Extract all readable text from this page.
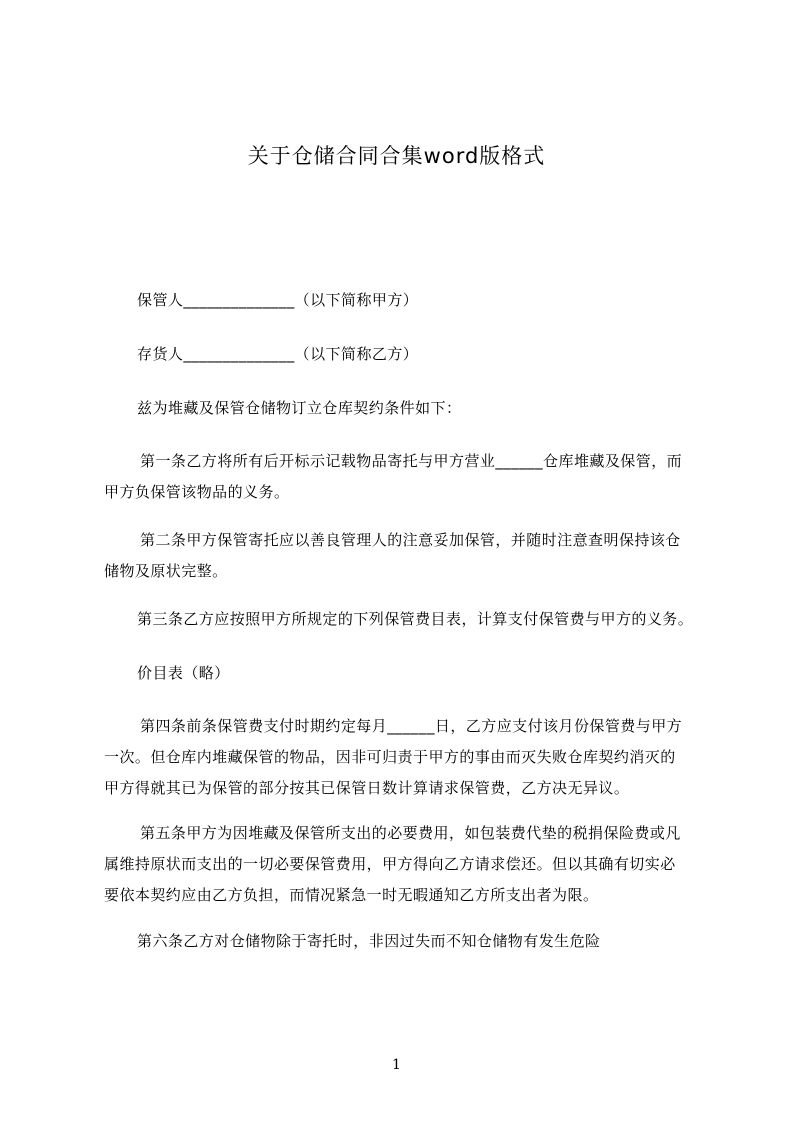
关于仓储合同合集word版格式
保管人______________（以下简称甲方）
存货人______________（以下简称乙方）
兹为堆藏及保管仓储物订立仓库契约条件如下：
第一条乙方将所有后开标示记载物品寄托与甲方营业______仓库堆藏及保管，而
甲方负保管该物品的义务。
第二条甲方保管寄托应以善良管理人的注意妥加保管，并随时注意查明保持该仓
储物及原状完整。
第三条乙方应按照甲方所规定的下列保管费目表，计算支付保管费与甲方的义务。
价目表（略）
第四条前条保管费支付时期约定每月______日，乙方应支付该月份保管费与甲方
一次。但仓库内堆藏保管的物品，因非可归责于甲方的事由而灭失败仓库契约消灭的
甲方得就其已为保管的部分按其已保管日数计算请求保管费，乙方决无异议。
第五条甲方为因堆藏及保管所支出的必要费用，如包装费代垫的税捐保险费或凡
属维持原状而支出的一切必要保管费用，甲方得向乙方请求偿还。但以其确有切实必
要依本契约应由乙方负担，而情况紧急一时无暇通知乙方所支出者为限。
第六条乙方对仓储物除于寄托时，非因过失而不知仓储物有发生危险
1
